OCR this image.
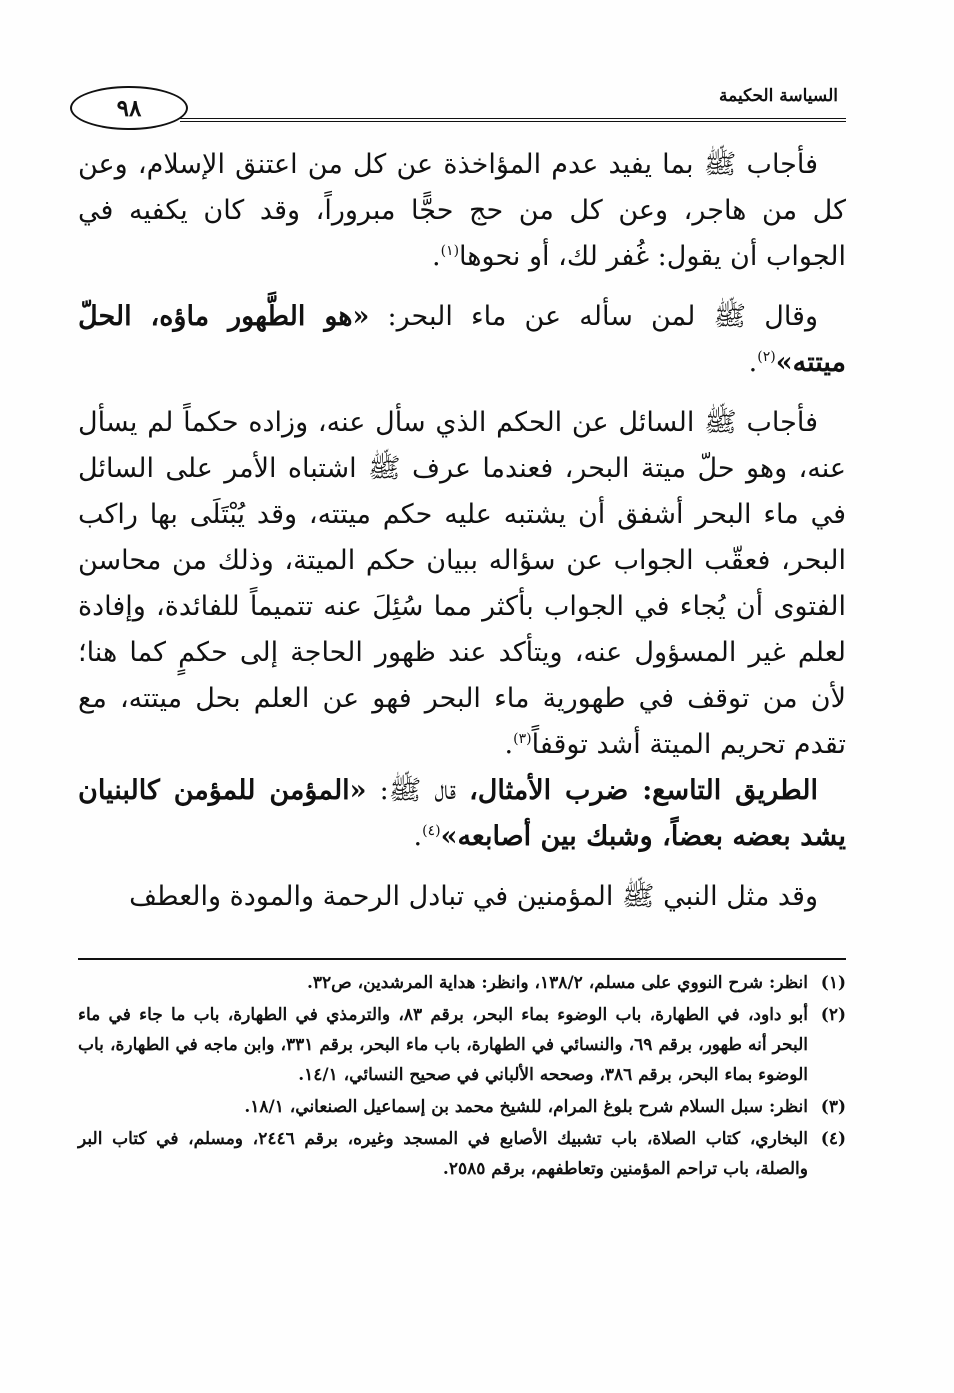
٩٨	السياسة الحكيمة

فأجاب ﷺ بما يفيد عدم المؤاخذة عن كل من اعتنق الإسلام، وعن كل من هاجر، وعن كل من حج حجًّا مبروراً، وقد كان يكفيه في الجواب أن يقول: غُفر لك، أو نحوها$^{(١)}$.

وقال ﷺ لمن سأله عن ماء البحر: «هو الطَّهور ماؤه، الحلّ ميتته»$^{(٢)}$.

فأجاب ﷺ السائل عن الحكم الذي سأل عنه، وزاده حكماً لم يسأل عنه، وهو حلّ ميتة البحر، فعندما عرف ﷺ اشتباه الأمر على السائل في ماء البحر أشفق أن يشتبه عليه حكم ميتته، وقد يُبْتَلَى بها راكب البحر، فعقّب الجواب عن سؤاله ببيان حكم الميتة، وذلك من محاسن الفتوى أن يُجاء في الجواب بأكثر مما سُئِلَ عنه تتميماً للفائدة، وإفادة لعلم غير المسؤول عنه، ويتأكد عند ظهور الحاجة إلى حكمٍ كما هنا؛ لأن من توقف في طهورية ماء البحر فهو عن العلم بحل ميتته، مع تقدم تحريم الميتة أشد توقفاً$^{(٣)}$.

الطريق التاسع: ضرب الأمثال، قال ﷺ: «المؤمن للمؤمن كالبنيان يشد بعضه بعضاً، وشبك بين أصابعه»$^{(٤)}$.

وقد مثل النبي ﷺ المؤمنين في تبادل الرحمة والمودة والعطف

(١)
انظر: شرح النووي على مسلم، ١٣٨/٢، وانظر: هداية المرشدين، ص٣٢.
(٢)
أبو داود، في الطهارة، باب الوضوء بماء البحر، برقم ٨٣، والترمذي في الطهارة، باب ما جاء في ماء البحر أنه طهور، برقم ٦٩، والنسائي في الطهارة، باب ماء البحر، برقم ٣٣١، وابن ماجه في الطهارة، باب الوضوء بماء البحر، برقم ٣٨٦، وصححه الألباني في صحيح النسائي، ١٤/١.
(٣)
انظر: سبل السلام شرح بلوغ المرام، للشيخ محمد بن إسماعيل الصنعاني، ١٨/١.
(٤)
البخاري، كتاب الصلاة، باب تشبيك الأصابع في المسجد وغيره، برقم ٢٤٤٦، ومسلم، في كتاب البر والصلة، باب تراحم المؤمنين وتعاطفهم، برقم ٢٥٨٥.
